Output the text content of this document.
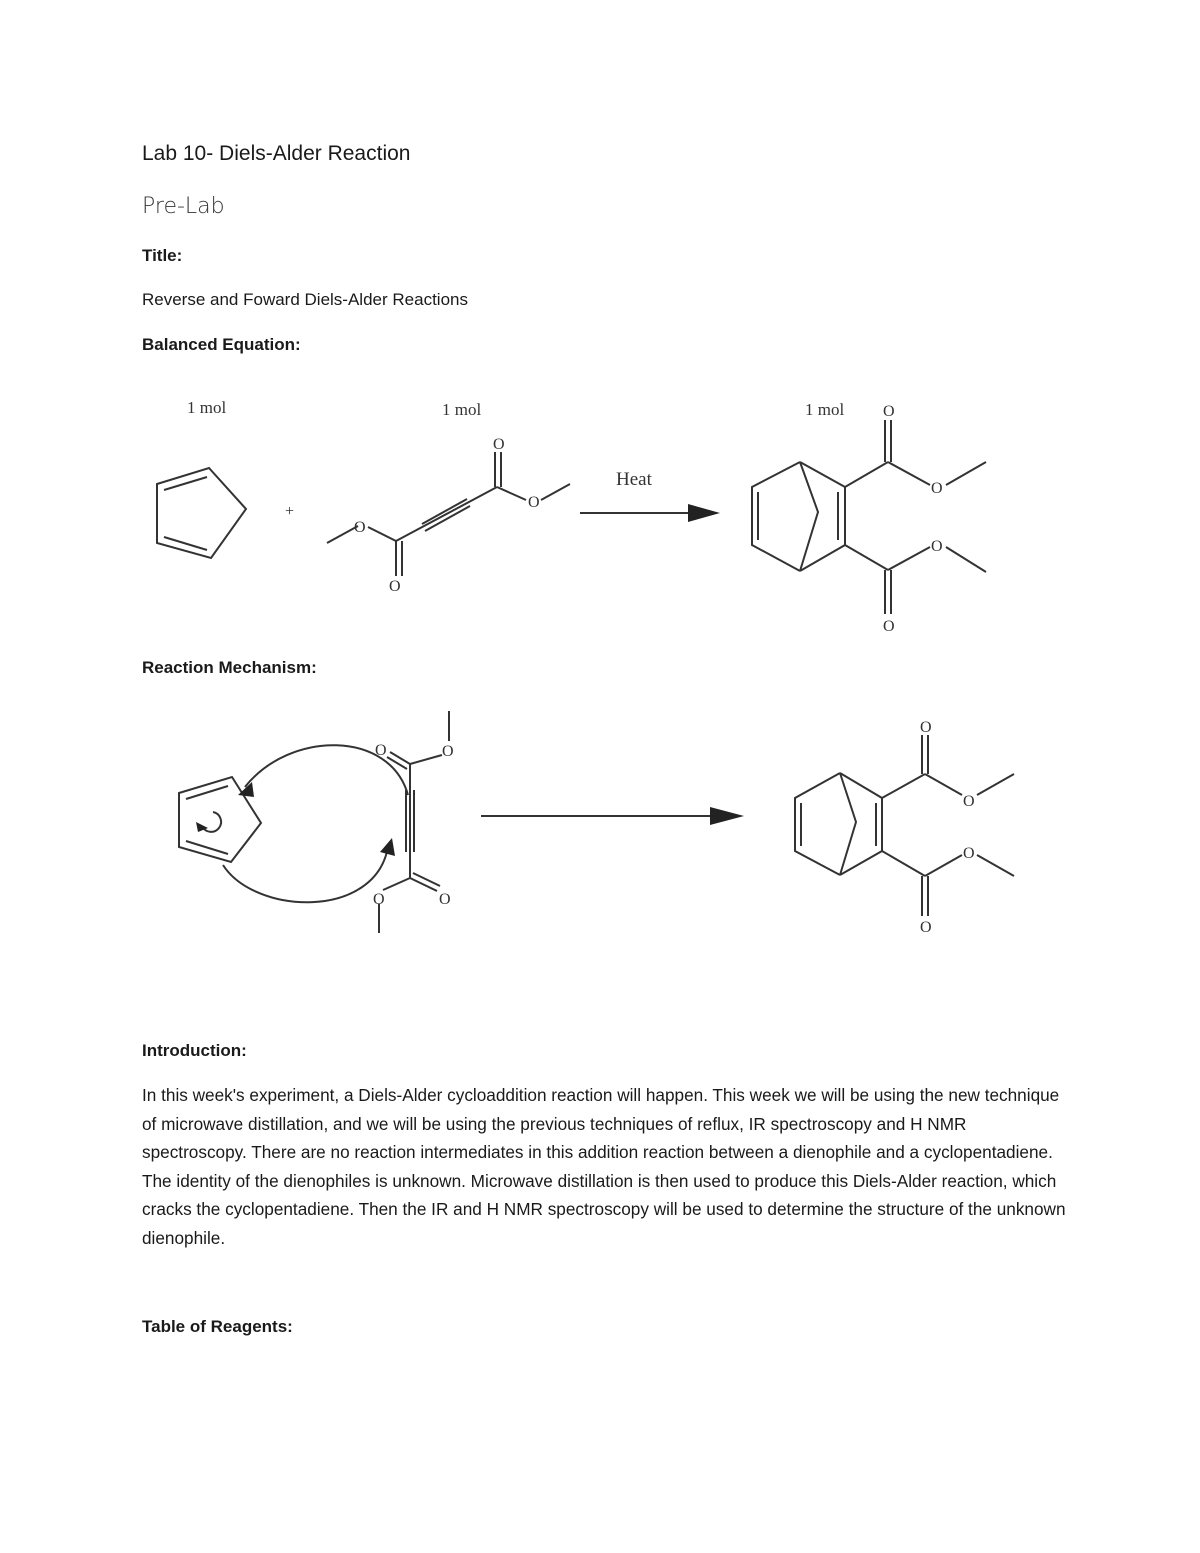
Lab 10- Diels-Alder Reaction
Pre-Lab
Title:
Reverse and Foward Diels-Alder Reactions
Balanced Equation:
1 mol	1 mol	1 mol
+
Heat
O
O
O
O
O
O
O
O
O	O
O	O
O
O
O
O
Reaction Mechanism:
Introduction:
In this week's experiment, a Diels-Alder cycloaddition reaction will happen. This week we will be using the new technique of microwave distillation, and we will be using the previous techniques of reflux, IR spectroscopy and H NMR spectroscopy. There are no reaction intermediates in this addition reaction between a dienophile and a cyclopentadiene. The identity of the dienophiles is unknown. Microwave distillation is then used to produce this Diels-Alder reaction, which cracks the cyclopentadiene. Then the IR and H NMR spectroscopy will be used to determine the structure of the unknown dienophile.
Table of Reagents:
